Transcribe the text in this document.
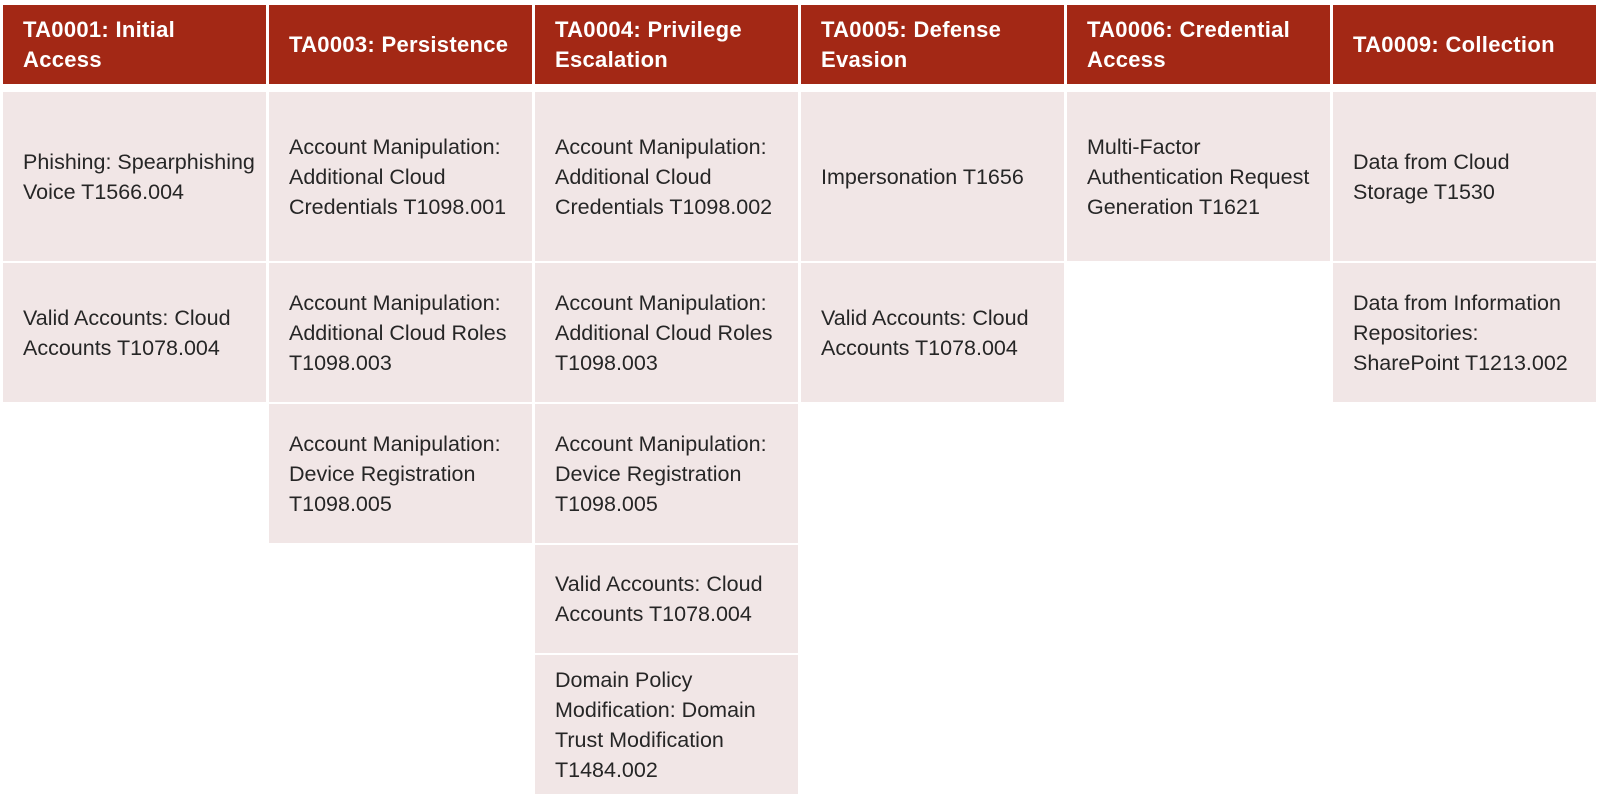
TA0001: Initial Access
Phishing: Spearphishing Voice T1566.004
Valid Accounts: Cloud Accounts T1078.004
TA0003: Persistence
Account Manipulation: Additional Cloud Credentials T1098.001
Account Manipulation: Additional Cloud Roles T1098.003
Account Manipulation: Device Registration T1098.005
TA0004: Privilege Escalation
Account Manipulation: Additional Cloud Credentials T1098.002
Account Manipulation: Additional Cloud Roles T1098.003
Account Manipulation: Device Registration T1098.005
Valid Accounts: Cloud Accounts T1078.004
Domain Policy Modification: Domain Trust Modification T1484.002
TA0005: Defense Evasion
Impersonation T1656
Valid Accounts: Cloud Accounts T1078.004
TA0006: Credential Access
Multi-Factor Authentication Request Generation T1621
TA0009: Collection
Data from Cloud Storage T1530
Data from Information Repositories: SharePoint T1213.002
